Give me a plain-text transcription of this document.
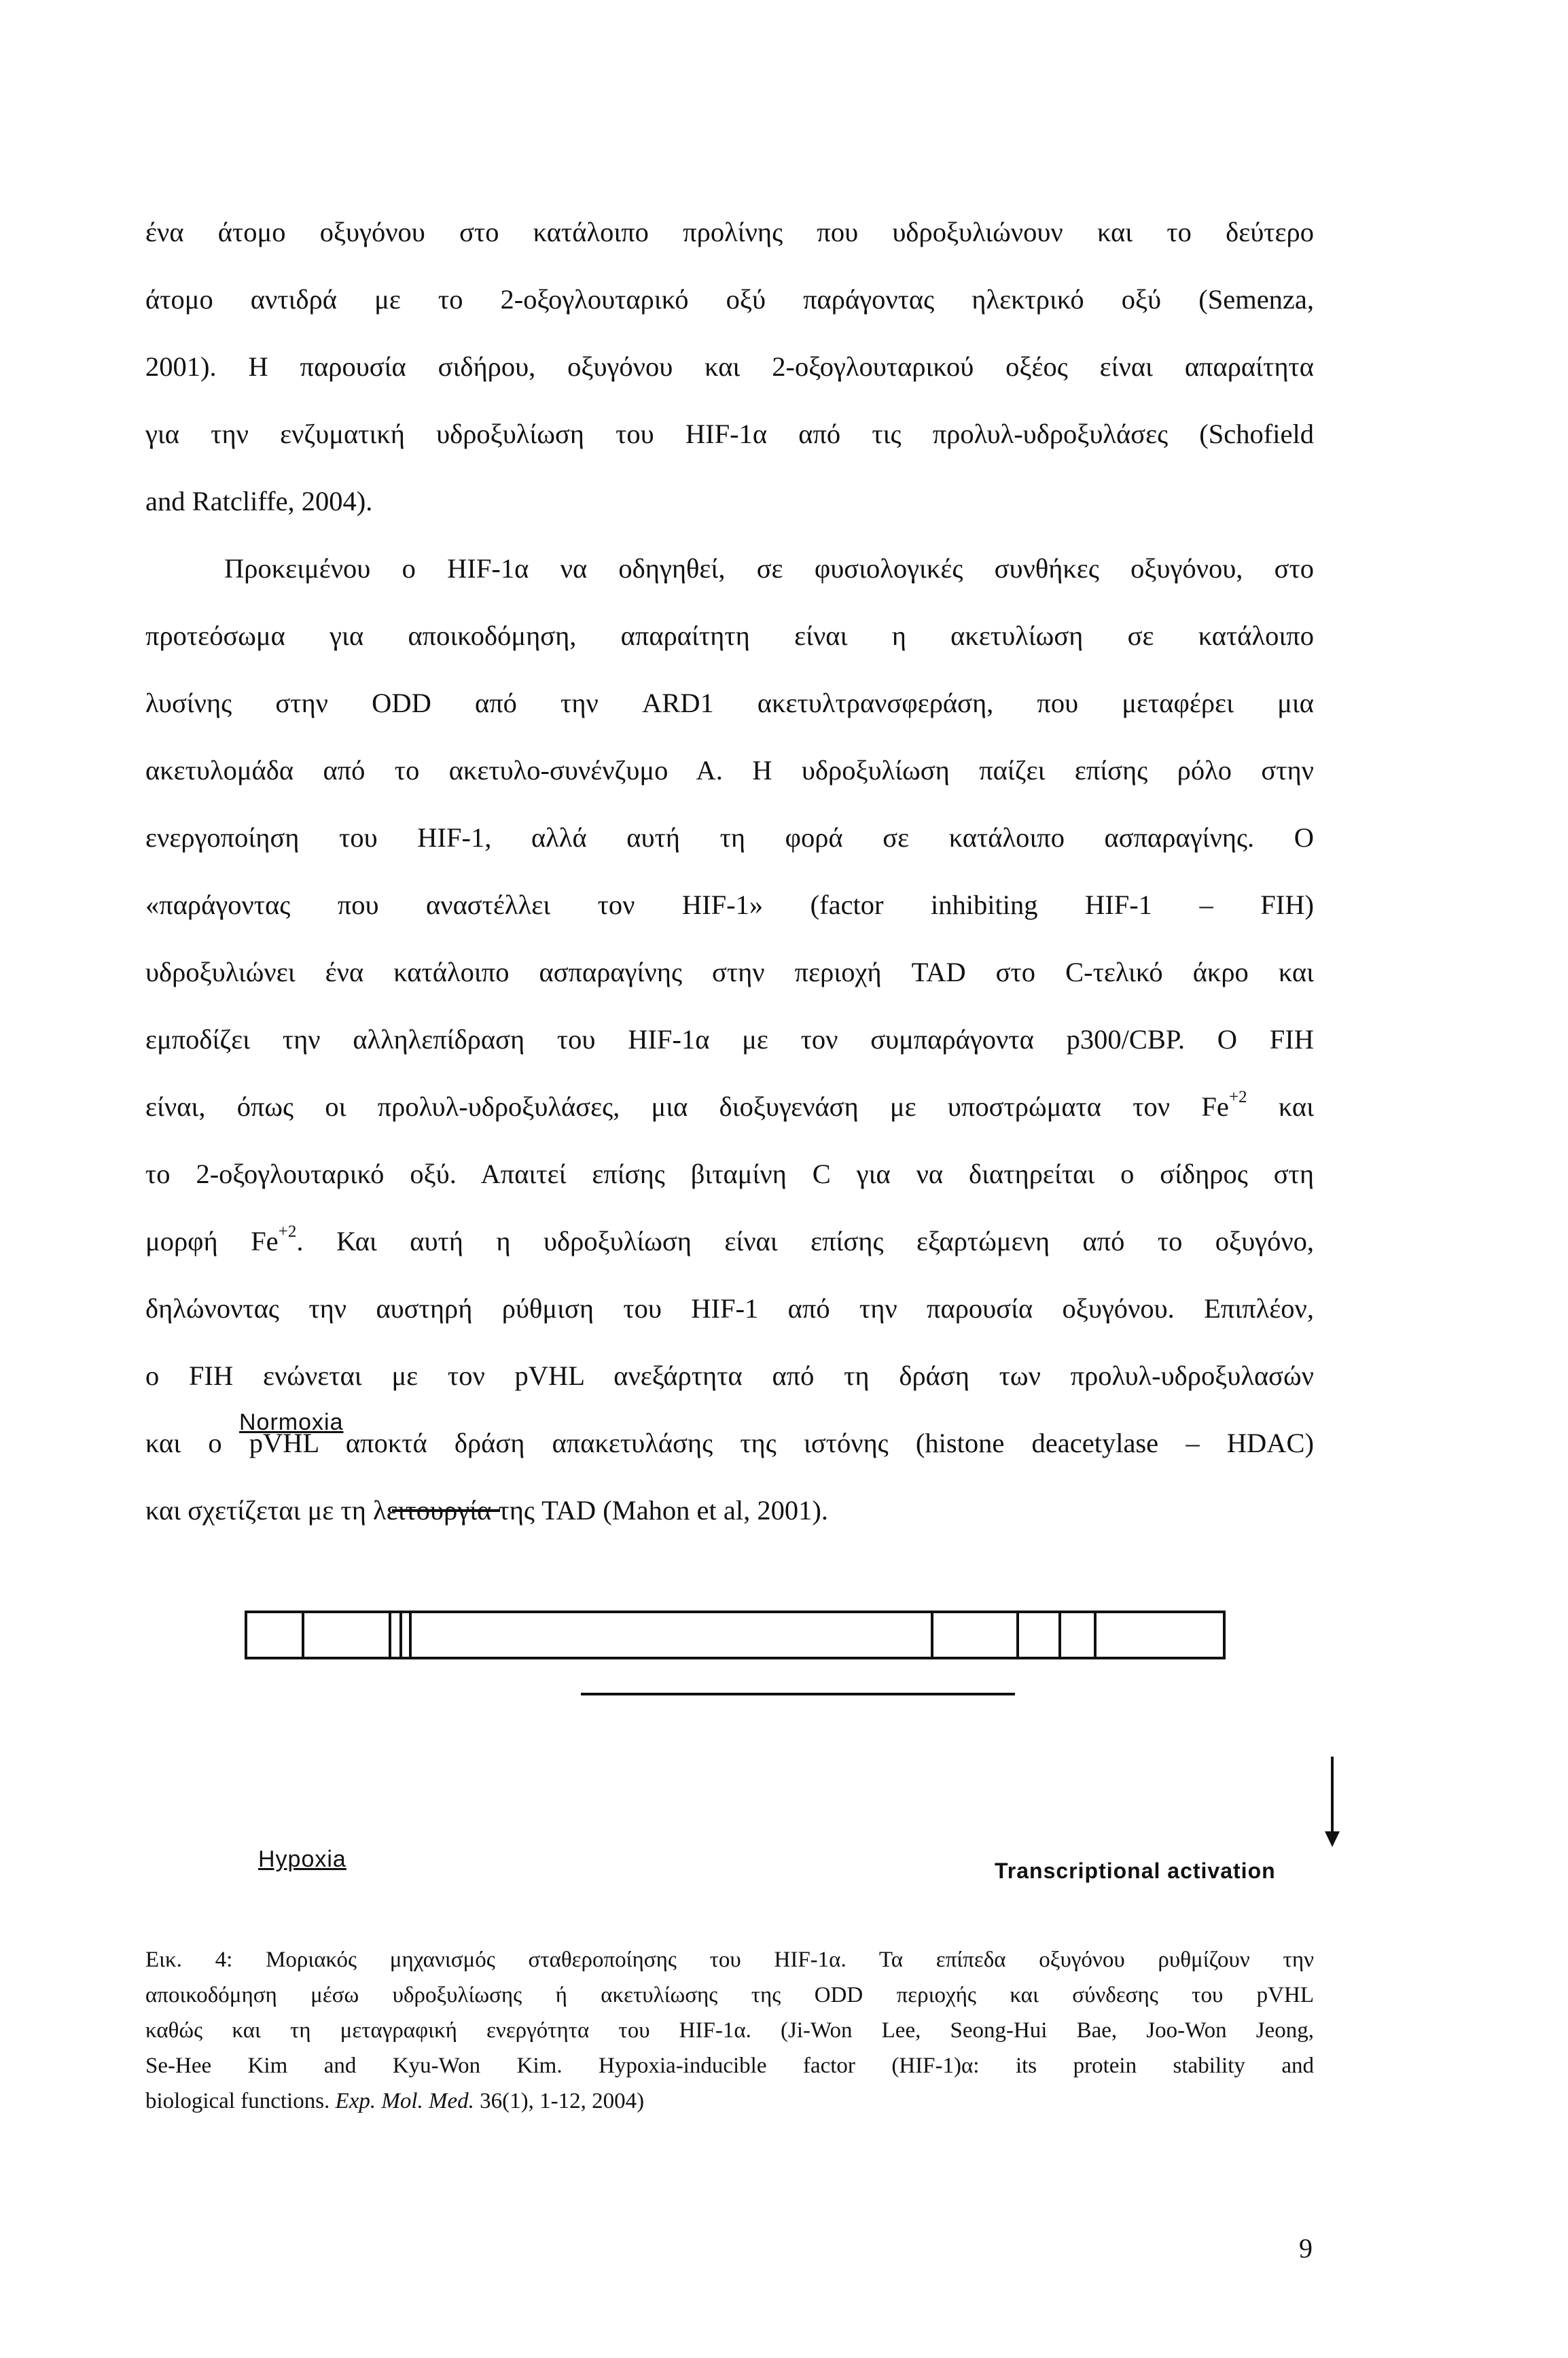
ένα άτομο οξυγόνου στο κατάλοιπο προλίνης που υδροξυλιώνουν και το δεύτερο
άτομο αντιδρά με το 2-οξογλουταρικό οξύ παράγοντας ηλεκτρικό οξύ (Semenza,
2001). Η παρουσία σιδήρου, οξυγόνου και 2-οξογλουταρικού οξέος είναι απαραίτητα
για την ενζυματική υδροξυλίωση του HIF-1α από τις προλυλ-υδροξυλάσες (Schofield
and Ratcliffe, 2004).
Προκειμένου ο HIF-1α να οδηγηθεί, σε φυσιολογικές συνθήκες οξυγόνου, στο
προτεόσωμα για αποικοδόμηση, απαραίτητη είναι η ακετυλίωση σε κατάλοιπο
λυσίνης στην ODD από την ARD1 ακετυλτρανσφεράση, που μεταφέρει μια
ακετυλομάδα από το ακετυλο-συνένζυμο Α. Η υδροξυλίωση παίζει επίσης ρόλο στην
ενεργοποίηση του HIF-1, αλλά αυτή τη φορά σε κατάλοιπο ασπαραγίνης. Ο
«παράγοντας που αναστέλλει τον HIF-1» (factor inhibiting HIF-1 – FIH)
υδροξυλιώνει ένα κατάλοιπο ασπαραγίνης στην περιοχή TAD στο C-τελικό άκρο και
εμποδίζει την αλληλεπίδραση του HIF-1α με τον συμπαράγοντα p300/CBP. Ο FIH
είναι, όπως οι προλυλ-υδροξυλάσες, μια διοξυγενάση με υποστρώματα τον $Fe^{+2}$ και
το 2-οξογλουταρικό οξύ. Απαιτεί επίσης βιταμίνη C για να διατηρείται ο σίδηρος στη
μορφή $Fe^{+2}$. Και αυτή η υδροξυλίωση είναι επίσης εξαρτώμενη από το οξυγόνο,
δηλώνοντας την αυστηρή ρύθμιση του HIF-1 από την παρουσία οξυγόνου. Επιπλέον,
ο FIH ενώνεται με τον pVHL ανεξάρτητα από τη δράση των προλυλ-υδροξυλασών
και ο pVHL αποκτά δράση απακετυλάσης της ιστόνης (histone deacetylase – HDAC)
και σχετίζεται με τη λειτουργία της TAD (Mahon et al, 2001).
Normoxia
Hypoxia	Transcriptional activation
Εικ. 4: Μοριακός μηχανισμός σταθεροποίησης του HIF-1α. Τα επίπεδα οξυγόνου ρυθμίζουν την
αποικοδόμηση μέσω υδροξυλίωσης ή ακετυλίωσης της ODD περιοχής και σύνδεσης του pVHL
καθώς και τη μεταγραφική ενεργότητα του HIF-1α. (Ji-Won Lee, Seong-Hui Bae, Joo-Won Jeong,
Se-Hee Kim and Kyu-Won Kim. Hypoxia-inducible factor (HIF-1)α: its protein stability and
biological functions. Exp. Mol. Med. 36(1), 1-12, 2004)
9
